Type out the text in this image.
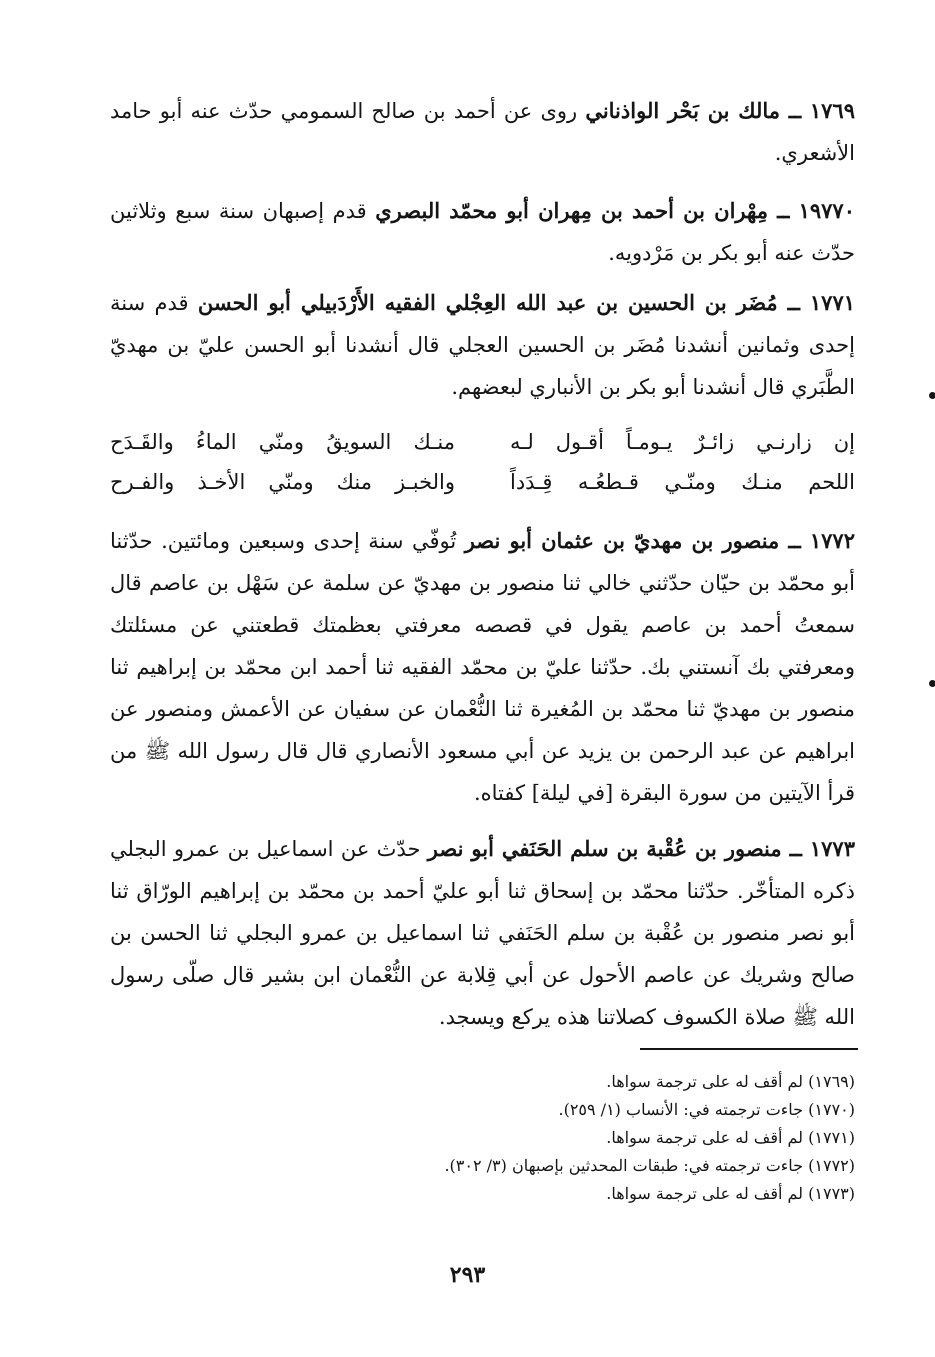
١٧٦٩ ــ مالك بن بَحْر الواذناني روى عن أحمد بن صالح السمومي حدّث عنه أبو حامد الأشعري.
١٩٧٧٠ ــ مِهْران بن أحمد بن مِهران أبو محمّد البصري قدم إصبهان سنة سبع وثلاثين حدّث عنه أبو بكر بن مَرْدويه.
١٧٧١ ــ مُضَر بن الحسين بن عبد الله العِجْلي الفقيه الأَرْدَبيلي أبو الحسن قدم سنة إحدى وثمانين أنشدنا مُضَر بن الحسين العجلي قال أنشدنا أبو الحسن عليّ بن مهديّ الطَّبَري قال أنشدنا أبو بكر بن الأنباري لبعضهم.
إن زارنـي زائـرٌ يـومـاً أقـول لـه
منـك السويقُ ومنّي الماءُ والقَـدَح
اللحم منـك ومنّـي قـطعُـه قِـدَداً
والخبـز منك ومنّي الأخـذ والفـرح
١٧٧٢ ــ منصور بن مهديّ بن عثمان أبو نصر تُوفّي سنة إحدى وسبعين ومائتين. حدّثنا أبو محمّد بن حيّان حدّثني خالي ثنا منصور بن مهديّ عن سلمة عن سَهْل بن عاصم قال سمعتُ أحمد بن عاصم يقول في قصصه معرفتي بعظمتك قطعتني عن مسئلتك ومعرفتي بك آنستني بك. حدّثنا عليّ بن محمّد الفقيه ثنا أحمد ابن محمّد بن إبراهيم ثنا منصور بن مهديّ ثنا محمّد بن المُغيرة ثنا النُّعْمان عن سفيان عن الأعمش ومنصور عن ابراهيم عن عبد الرحمن بن يزيد عن أبي مسعود الأنصاري قال قال رسول الله ﷺ من قرأ الآيتين من سورة البقرة [في ليلة] كفتاه.
١٧٧٣ ــ منصور بن عُقْبة بن سلم الحَنَفي أبو نصر حدّث عن اسماعيل بن عمرو البجلي ذكره المتأخّر. حدّثنا محمّد بن إسحاق ثنا أبو عليّ أحمد بن محمّد بن إبراهيم الورّاق ثنا أبو نصر منصور بن عُقْبة بن سلم الحَنَفي ثنا اسماعيل بن عمرو البجلي ثنا الحسن بن صالح وشريك عن عاصم الأحول عن أبي قِلابة عن النُّعْمان ابن بشير قال صلّى رسول الله ﷺ صلاة الكسوف كصلاتنا هذه يركع ويسجد.
(١٧٦٩) لم أقف له على ترجمة سواها.
(١٧٧٠) جاءت ترجمته في: الأنساب (١/ ٢٥٩).
(١٧٧١) لم أقف له على ترجمة سواها.
(١٧٧٢) جاءت ترجمته في: طبقات المحدثين بإصبهان (٣/ ٣٠٢).
(١٧٧٣) لم أقف له على ترجمة سواها.
٢٩٣
